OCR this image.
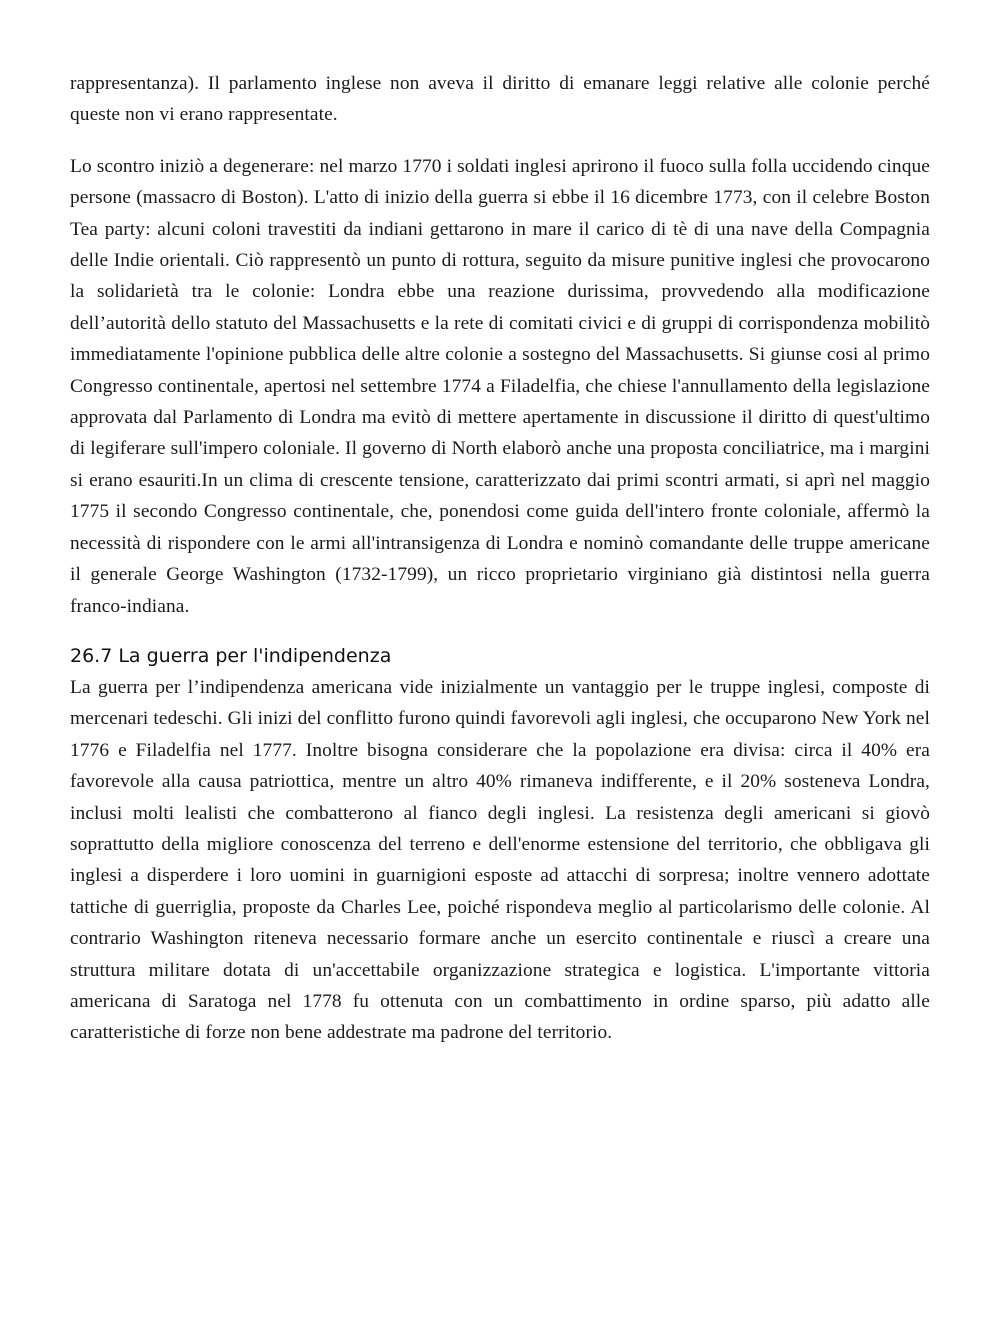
rappresentanza). Il parlamento inglese non aveva il diritto di emanare leggi relative alle colonie perché queste non vi erano rappresentate.

Lo scontro iniziò a degenerare: nel marzo 1770 i soldati inglesi aprirono il fuoco sulla folla uccidendo cinque persone (massacro di Boston). L'atto di inizio della guerra si ebbe il 16 dicembre 1773, con il celebre Boston Tea party: alcuni coloni travestiti da indiani gettarono in mare il carico di tè di una nave della Compagnia delle Indie orientali. Ciò rappresentò un punto di rottura, seguito da misure punitive inglesi che provocarono la solidarietà tra le colonie: Londra ebbe una reazione durissima, provvedendo alla modificazione dell’autorità dello statuto del Massachusetts e la rete di comitati civici e di gruppi di corrispondenza mobilitò immediatamente l'opinione pubblica delle altre colonie a sostegno del Massachusetts. Si giunse cosi al primo Congresso continentale, apertosi nel settembre 1774 a Filadelfia, che chiese l'annullamento della legislazione approvata dal Parlamento di Londra ma evitò di mettere apertamente in discussione il diritto di quest'ultimo di legiferare sull'impero coloniale. Il governo di North elaborò anche una proposta conciliatrice, ma i margini si erano esauriti.In un clima di crescente tensione, caratterizzato dai primi scontri armati, si aprì nel maggio 1775 il secondo Congresso continentale, che, ponendosi come guida dell'intero fronte coloniale, affermò la necessità di rispondere con le armi all'intransigenza di Londra e nominò comandante delle truppe americane il generale George Washington (1732-1799), un ricco proprietario virginiano già distintosi nella guerra franco-indiana.

26.7 La guerra per l'indipendenza

La guerra per l’indipendenza americana vide inizialmente un vantaggio per le truppe inglesi, composte di mercenari tedeschi. Gli inizi del conflitto furono quindi favorevoli agli inglesi, che occuparono New York nel 1776 e Filadelfia nel 1777. Inoltre bisogna considerare che la popolazione era divisa: circa il 40% era favorevole alla causa patriottica, mentre un altro 40% rimaneva indifferente, e il 20% sosteneva Londra, inclusi molti lealisti che combatterono al fianco degli inglesi. La resistenza degli americani si giovò soprattutto della migliore conoscenza del terreno e dell'enorme estensione del territorio, che obbligava gli inglesi a disperdere i loro uomini in guarnigioni esposte ad attacchi di sorpresa; inoltre vennero adottate tattiche di guerriglia, proposte da Charles Lee, poiché rispondeva meglio al particolarismo delle colonie. Al contrario Washington riteneva necessario formare anche un esercito continentale e riuscì a creare una struttura militare dotata di un'accettabile organizzazione strategica e logistica. L'importante vittoria americana di Saratoga nel 1778 fu ottenuta con un combattimento in ordine sparso, più adatto alle caratteristiche di forze non bene addestrate ma padrone del territorio.
